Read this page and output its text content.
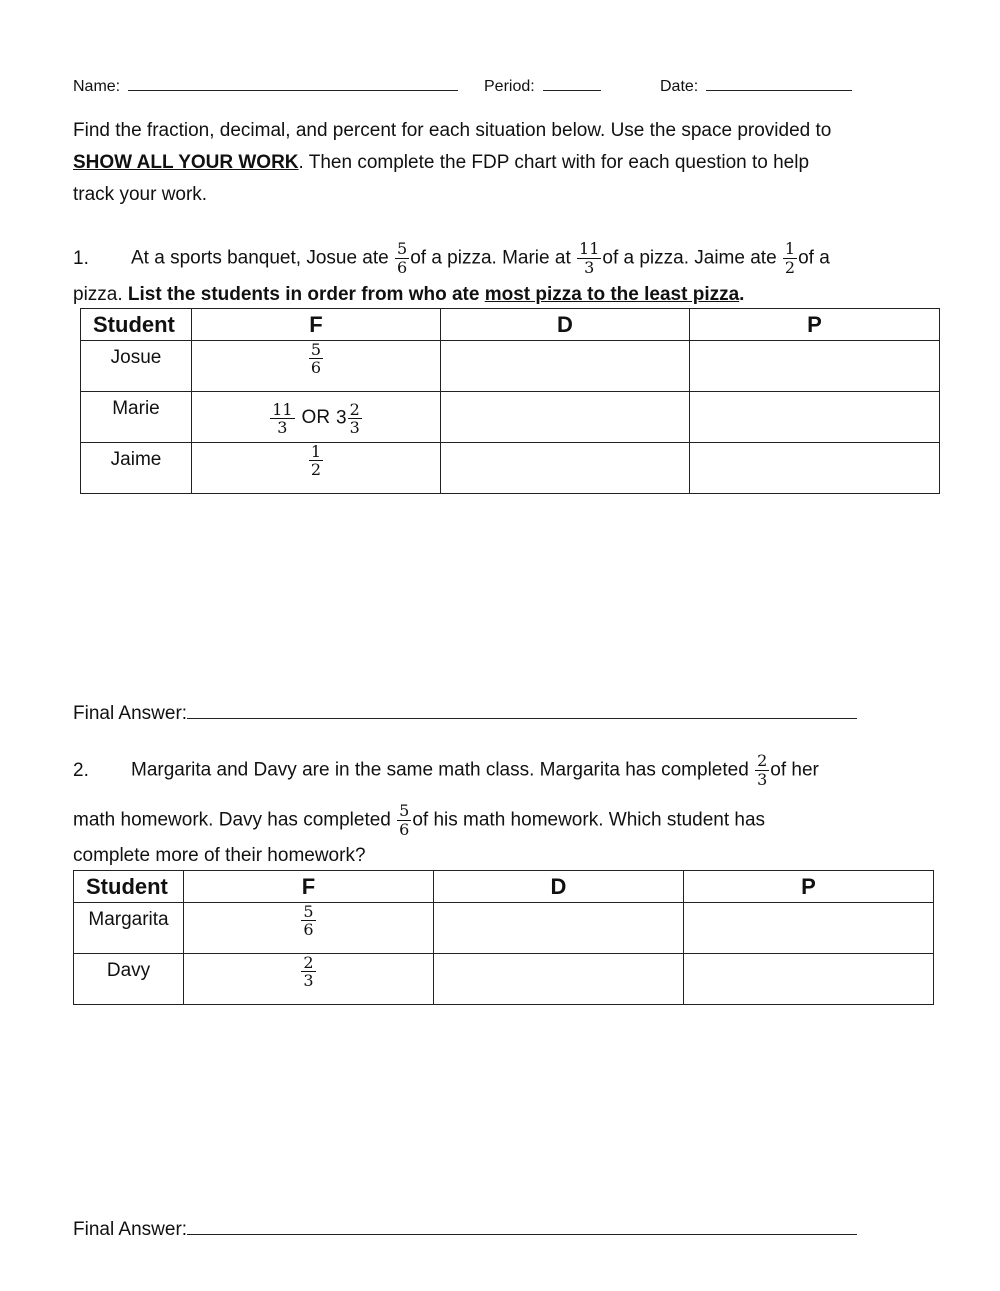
Name:	Period:	Date:
Find the fraction, decimal, and percent for each situation below. Use the space provided to
SHOW ALL YOUR WORK. Then complete the FDP chart with for each question to help
track your work.
1. At a sports banquet, Josue ate $\frac{5}{6}$ of a pizza. Marie at $\frac{11}{3}$ of a pizza. Jaime ate $\frac{1}{2}$ of a
pizza. List the students in order from who ate most pizza to the least pizza.
Student	F	D	P
Josue	$\frac{5}{6}$

Marie	$\frac{11}{3}$ OR $3 \frac{2}{3}$

Jaime	$\frac{1}{2}$

Final Answer:
2. Margarita and Davy are in the same math class. Margarita has completed $\frac{2}{3}$ of her
math homework. Davy has completed $\frac{5}{6}$ of his math homework. Which student has
complete more of their homework?
Student	F	D	P
Margarita	$\frac{5}{6}$

Davy	$\frac{2}{3}$

Final Answer:
